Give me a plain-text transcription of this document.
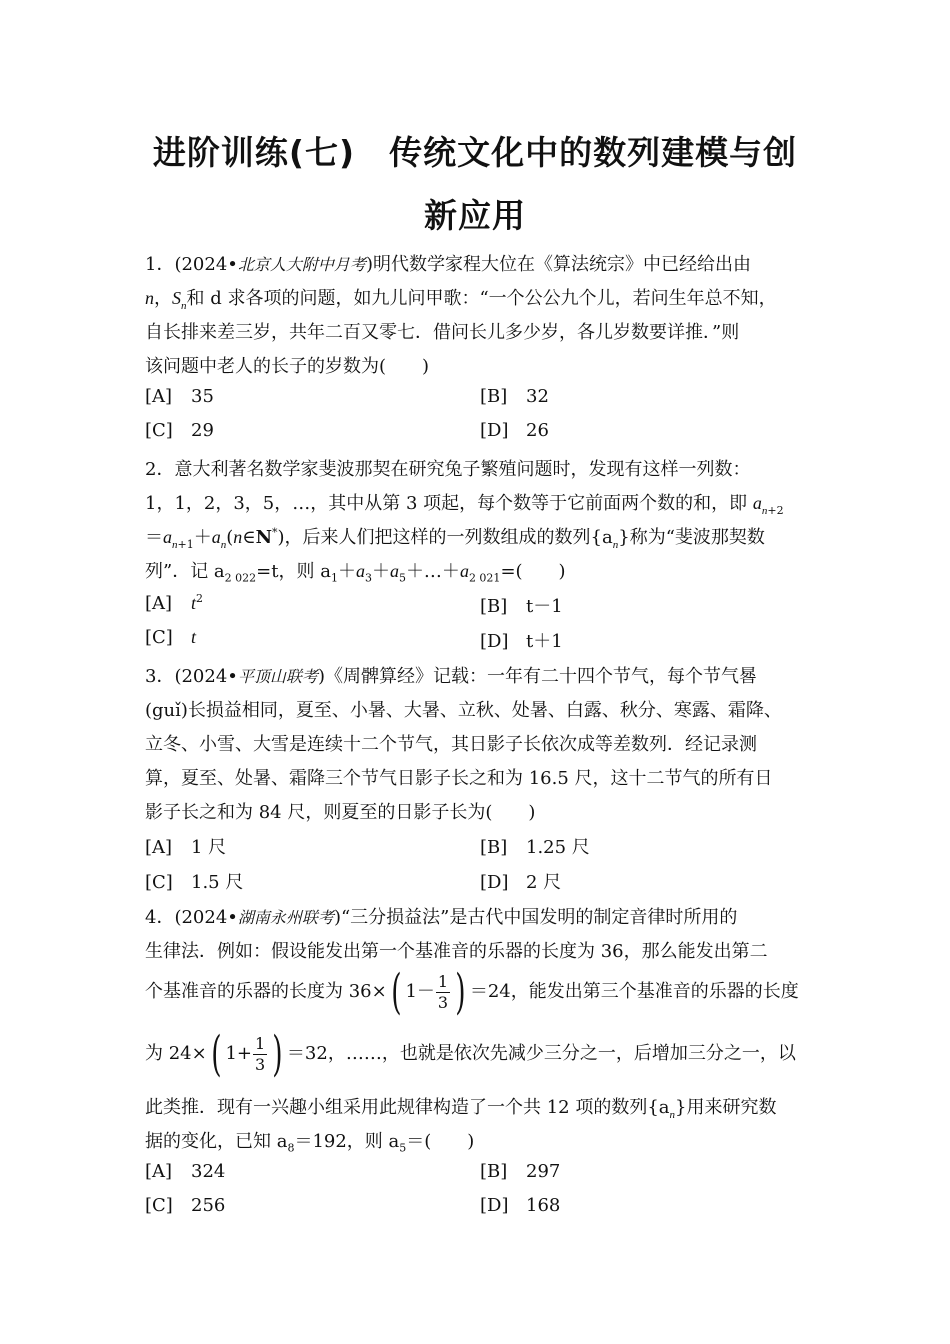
进阶训练(七)　传统文化中的数列建模与创
新应用
1．(2024•北京人大附中月考)明代数学家程大位在《算法统宗》中已经给出由
n，$S_n$和 d 求各项的问题，如九儿问甲歌：“一个公公九个儿，若问生年总不知，
自长排来差三岁，共年二百又零七．借问长儿多少岁，各儿岁数要详推．”则
该问题中老人的长子的岁数为(　　)
[A] 35	[B] 32
[C] 29	[D] 26
2．意大利著名数学家斐波那契在研究兔子繁殖问题时，发现有这样一列数：
1，1，2，3，5，…，其中从第 3 项起，每个数等于它前面两个数的和，即 $a_{n+2}$
$=a_{n+1}+a_n(n\in N^*)$，后来人们把这样的一列数组成的数列$\{a_n\}$称为“斐波那契数
列”．记 $a_{2 022}=t$，则 $a_1+a_3+a_5+\dots+a_{2 021}=$(　　)
[A] $t^2$	[B] t－1
[C] t	[D] t＋1
3．(2024•平顶山联考)《周髀算经》记载：一年有二十四个节气，每个节气晷
(guǐ)长损益相同，夏至、小暑、大暑、立秋、处暑、白露、秋分、寒露、霜降、
立冬、小雪、大雪是连续十二个节气，其日影子长依次成等差数列．经记录测
算，夏至、处暑、霜降三个节气日影子长之和为 16.5 尺，这十二节气的所有日
影子长之和为 84 尺，则夏至的日影子长为(　　)
[A] 1 尺	[B] 1.25 尺
[C] 1.5 尺	[D] 2 尺
4．(2024•湖南永州联考)“三分损益法”是古代中国发明的制定音律时所用的
生律法．例如：假设能发出第一个基准音的乐器的长度为 36，那么能发出第二
个基准音的乐器的长度为 36×( $1- \frac{1}{3}$ ) ＝24，能发出第三个基准音的乐器的长度
为 24×( $1+ \frac{1}{3}$ ) ＝32，……，也就是依次先减少三分之一，后增加三分之一，以
此类推．现有一兴趣小组采用此规律构造了一个共 12 项的数列$\{a_n\}$用来研究数
据的变化，已知 $a_8=192$，则 $a_5=$(　　)
[A] 324	[B] 297
[C] 256	[D] 168
